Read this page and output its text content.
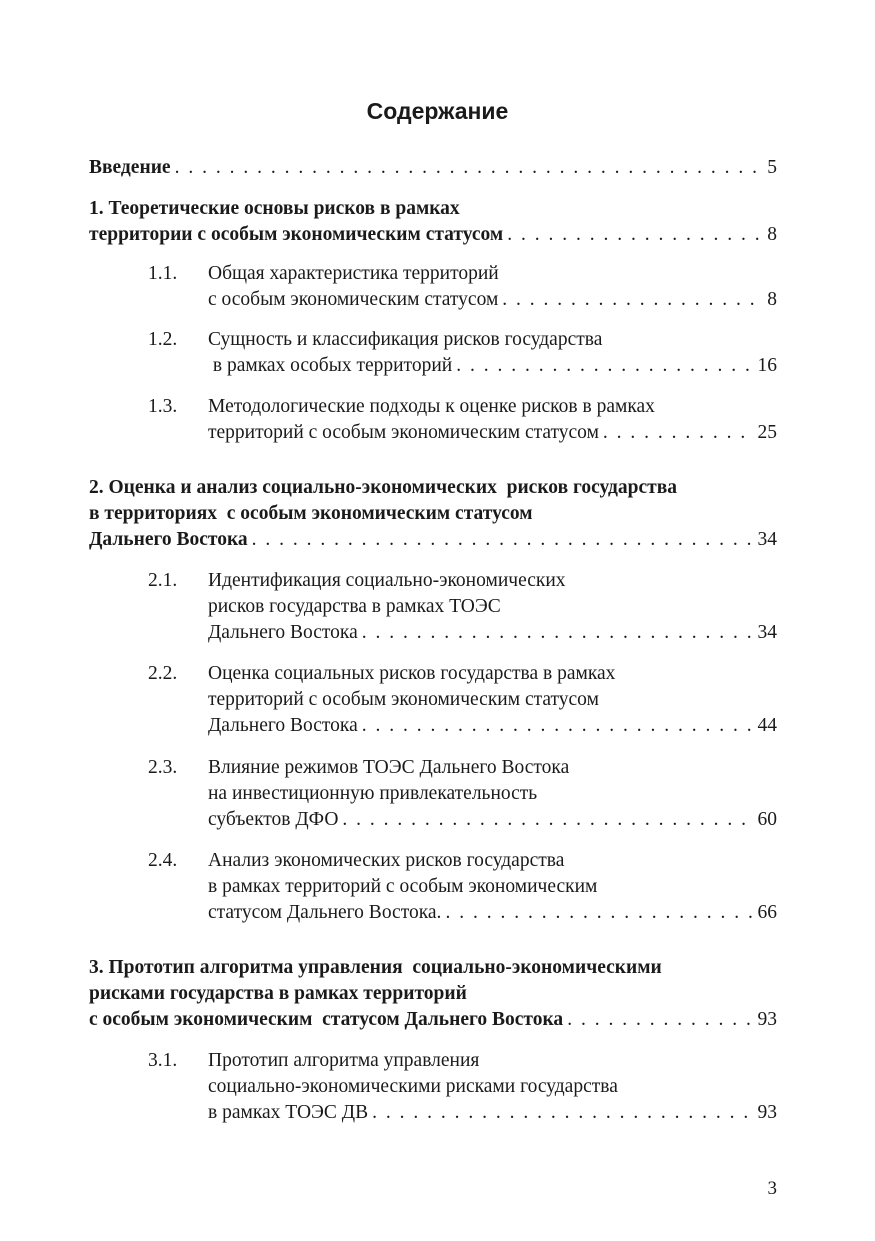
Содержание
Введение . . .	5
1. Теоретические основы рисков в рамках
территории с особым экономическим статусом . . .	8
1.1. Общая характеристика территорий
с особым экономическим статусом . . .	8
1.2. Сущность и классификация рисков государства
в рамках особых территорий . . .	16
1.3. Методологические подходы к оценке рисков в рамках
территорий с особым экономическим статусом . . .	25
2. Оценка и анализ социально-экономических  рисков государства
в территориях  с особым экономическим статусом
Дальнего Востока . . .	34
2.1. Идентификация социально-экономических
рисков государства в рамках ТОЭС
Дальнего Востока . . .	34
2.2. Оценка социальных рисков государства в рамках
территорий с особым экономическим статусом
Дальнего Востока . . .	44
2.3. Влияние режимов ТОЭС Дальнего Востока
на инвестиционную привлекательность
субъектов ДФО . . .	60
2.4. Анализ экономических рисков государства
в рамках территорий с особым экономическим
статусом Дальнего Востока. . . .	66
3. Прототип алгоритма управления  социально-экономическими
рисками государства в рамках территорий
с особым экономическим  статусом Дальнего Востока . . .	93
3.1. Прототип алгоритма управления
социально-экономическими рисками государства
в рамках ТОЭС ДВ . . .	93
3
